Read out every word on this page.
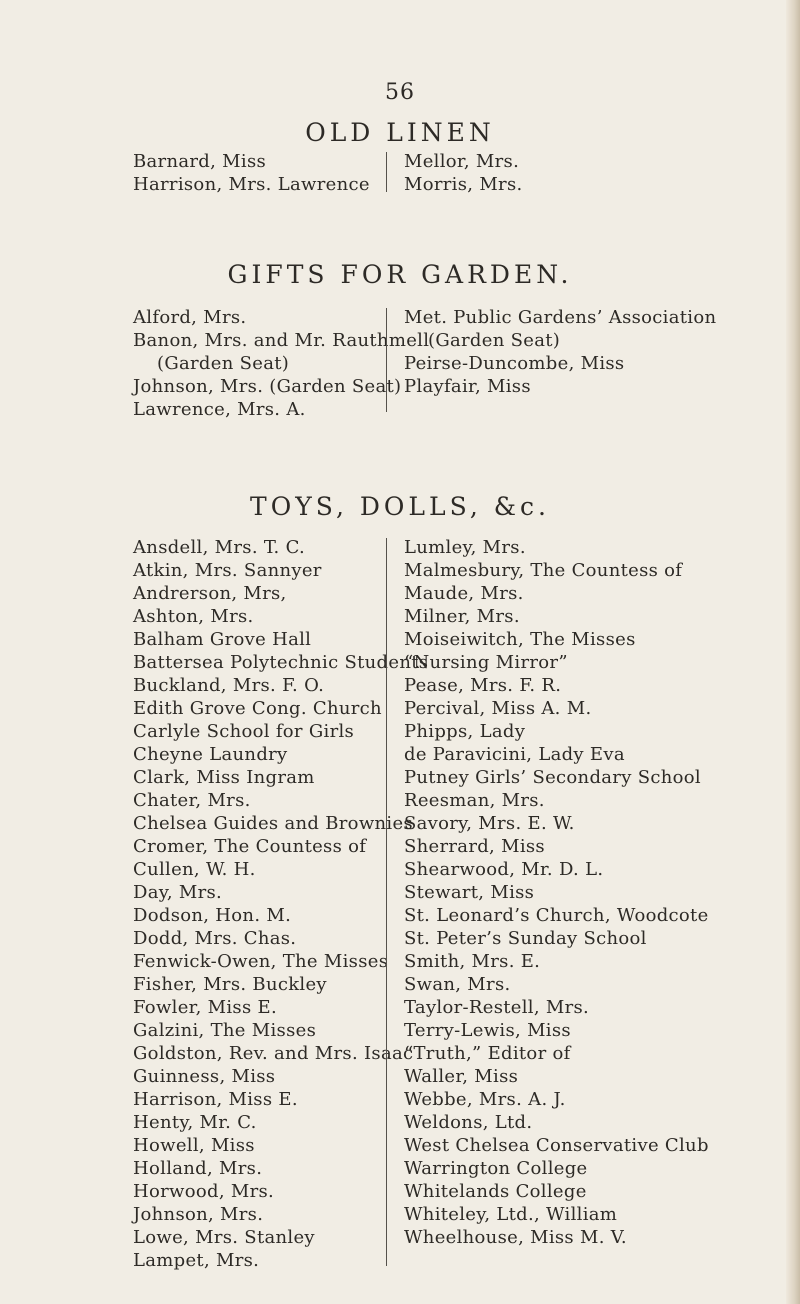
56
OLD LINEN
Barnard, Miss
Harrison, Mrs. Lawrence
Mellor, Mrs.
Morris, Mrs.
GIFTS FOR GARDEN.
Alford, Mrs.
Banon, Mrs. and Mr. Rauthmell
(Garden Seat)
Johnson, Mrs. (Garden Seat)
Lawrence, Mrs. A.
Met. Public Gardens’ Association
(Garden Seat)
Peirse-Duncombe, Miss
Playfair, Miss
TOYS, DOLLS, &c.
Ansdell, Mrs. T. C.
Atkin, Mrs. Sannyer
Andrerson, Mrs,
Ashton, Mrs.
Balham Grove Hall
Battersea Polytechnic Students
Buckland, Mrs. F. O.
Edith Grove Cong. Church
Carlyle School for Girls
Cheyne Laundry
Clark, Miss Ingram
Chater, Mrs.
Chelsea Guides and Brownies
Cromer, The Countess of
Cullen, W. H.
Day, Mrs.
Dodson, Hon. M.
Dodd, Mrs. Chas.
Fenwick-Owen, The Misses
Fisher, Mrs. Buckley
Fowler, Miss E.
Galzini, The Misses
Goldston, Rev. and Mrs. Isaac
Guinness, Miss
Harrison, Miss E.
Henty, Mr. C.
Howell, Miss
Holland, Mrs.
Horwood, Mrs.
Johnson, Mrs.
Lowe, Mrs. Stanley
Lampet, Mrs.
Lumley, Mrs.
Malmesbury, The Countess of
Maude, Mrs.
Milner, Mrs.
Moiseiwitch, The Misses
“Nursing Mirror”
Pease, Mrs. F. R.
Percival, Miss A. M.
Phipps, Lady
de Paravicini, Lady Eva
Putney Girls’ Secondary School
Reesman, Mrs.
Savory, Mrs. E. W.
Sherrard, Miss
Shearwood, Mr. D. L.
Stewart, Miss
St. Leonard’s Church, Woodcote
St. Peter’s Sunday School
Smith, Mrs. E.
Swan, Mrs.
Taylor-Restell, Mrs.
Terry-Lewis, Miss
“Truth,” Editor of
Waller, Miss
Webbe, Mrs. A. J.
Weldons, Ltd.
West Chelsea Conservative Club
Warrington College
Whitelands College
Whiteley, Ltd., William
Wheelhouse, Miss M. V.
